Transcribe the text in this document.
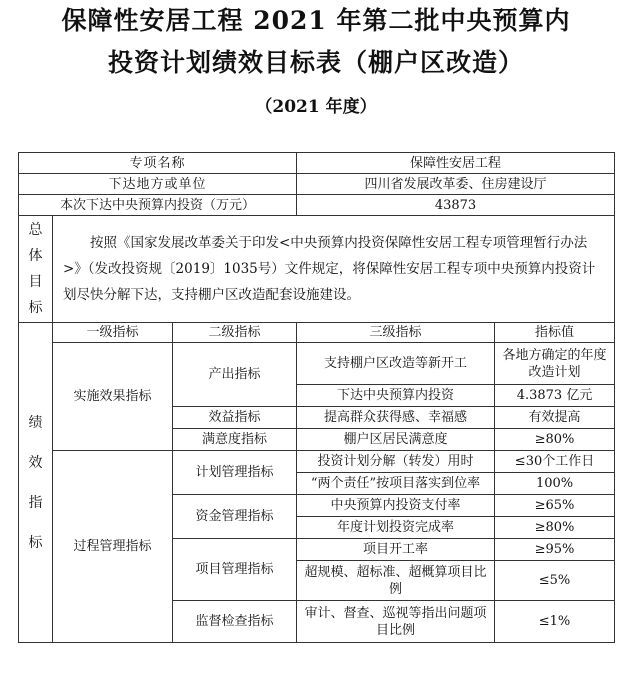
保障性安居工程 2021 年第二批中央预算内
投资计划绩效目标表（棚户区改造）
（2021 年度）
专项名称			保障性安居工程	
下达地方或单位			四川省发展改革委、住房建设厅	
本次下达中央预算内投资（万元）			43873	

总
体
目
标	按照《国家发展改革委关于印发<中央预算内投资保障性安居工程专项管理暂行办法>》（发改投资规〔2019〕1035号）文件规定，将保障性安居工程专项中央预算内投资计划尽快分解下达，支持棚户区改造配套设施建设。			

绩
效
指
标	一级指标	二级指标	三级指标	指标值
	实施效果指标	产出指标	支持棚户区改造等新开工	各地方确定的年度改造计划
			下达中央预算内投资	4.3873 亿元
		效益指标	提高群众获得感、幸福感	有效提高
		满意度指标	棚户区居民满意度	≥80%
	过程管理指标	计划管理指标	投资计划分解（转发）用时	≤30个工作日
			“两个责任”按项目落实到位率	100%
		资金管理指标	中央预算内投资支付率	≥65%
			年度计划投资完成率	≥80%
		项目管理指标	项目开工率	≥95%
			超规模、超标准、超概算项目比例	≤5%
		监督检查指标	审计、督查、巡视等指出问题项目比例	≤1%
